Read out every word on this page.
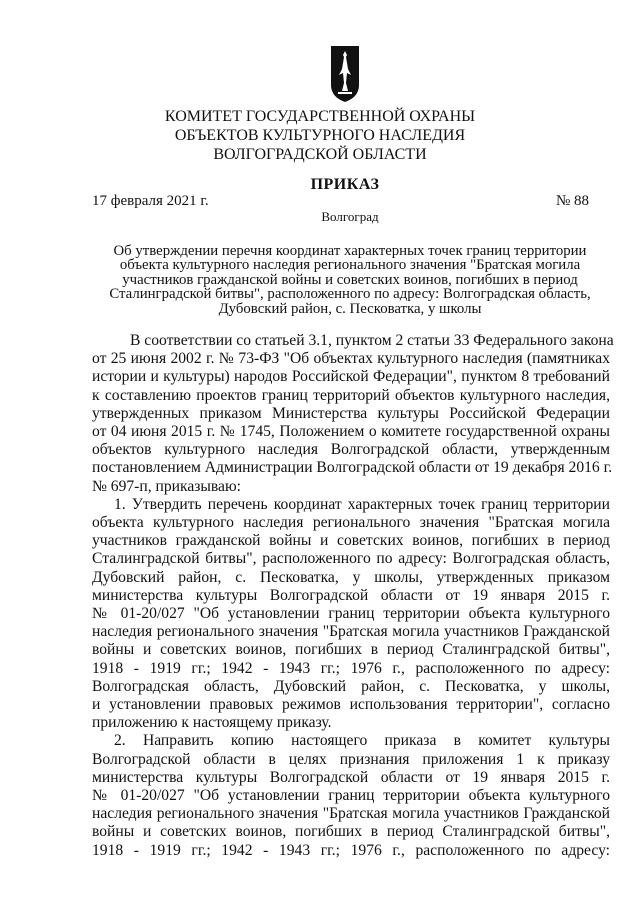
КОМИТЕТ ГОСУДАРСТВЕННОЙ ОХРАНЫ
ОБЪЕКТОВ КУЛЬТУРНОГО НАСЛЕДИЯ
ВОЛГОГРАДСКОЙ ОБЛАСТИ
ПРИКАЗ
17 февраля 2021 г.	№ 88
Волгоград
Об утверждении перечня координат характерных точек границ территории
объекта культурного наследия регионального значения "Братская могила
участников гражданской войны и советских воинов, погибших в период
Сталинградской битвы", расположенного по адресу: Волгоградская область,
Дубовский район, с. Песковатка, у школы
В соответствии со статьей 3.1, пунктом 2 статьи 33 Федерального закона
от 25 июня 2002 г. № 73-ФЗ "Об объектах культурного наследия (памятниках
истории и культуры) народов Российской Федерации", пунктом 8 требований
к составлению проектов границ территорий объектов культурного наследия,
утвержденных приказом Министерства культуры Российской Федерации
от 04 июня 2015 г. № 1745, Положением о комитете государственной охраны
объектов культурного наследия Волгоградской области, утвержденным
постановлением Администрации Волгоградской области от 19 декабря 2016 г.
№ 697-п, приказываю:
1. Утвердить перечень координат характерных точек границ территории
объекта культурного наследия регионального значения "Братская могила
участников гражданской войны и советских воинов, погибших в период
Сталинградской битвы", расположенного по адресу: Волгоградская область,
Дубовский район, с. Песковатка, у школы, утвержденных приказом
министерства культуры Волгоградской области от 19 января 2015 г.
№ 01-20/027 "Об установлении границ территории объекта культурного
наследия регионального значения "Братская могила участников Гражданской
войны и советских воинов, погибших в период Сталинградской битвы",
1918 - 1919 гг.; 1942 - 1943 гг.; 1976 г., расположенного по адресу:
Волгоградская область, Дубовский район, с. Песковатка, у школы,
и установлении правовых режимов использования территории", согласно
приложению к настоящему приказу.
2. Направить копию настоящего приказа в комитет культуры
Волгоградской области в целях признания приложения 1 к приказу
министерства культуры Волгоградской области от 19 января 2015 г.
№ 01-20/027 "Об установлении границ территории объекта культурного
наследия регионального значения "Братская могила участников Гражданской
войны и советских воинов, погибших в период Сталинградской битвы",
1918 - 1919 гг.; 1942 - 1943 гг.; 1976 г., расположенного по адресу:
